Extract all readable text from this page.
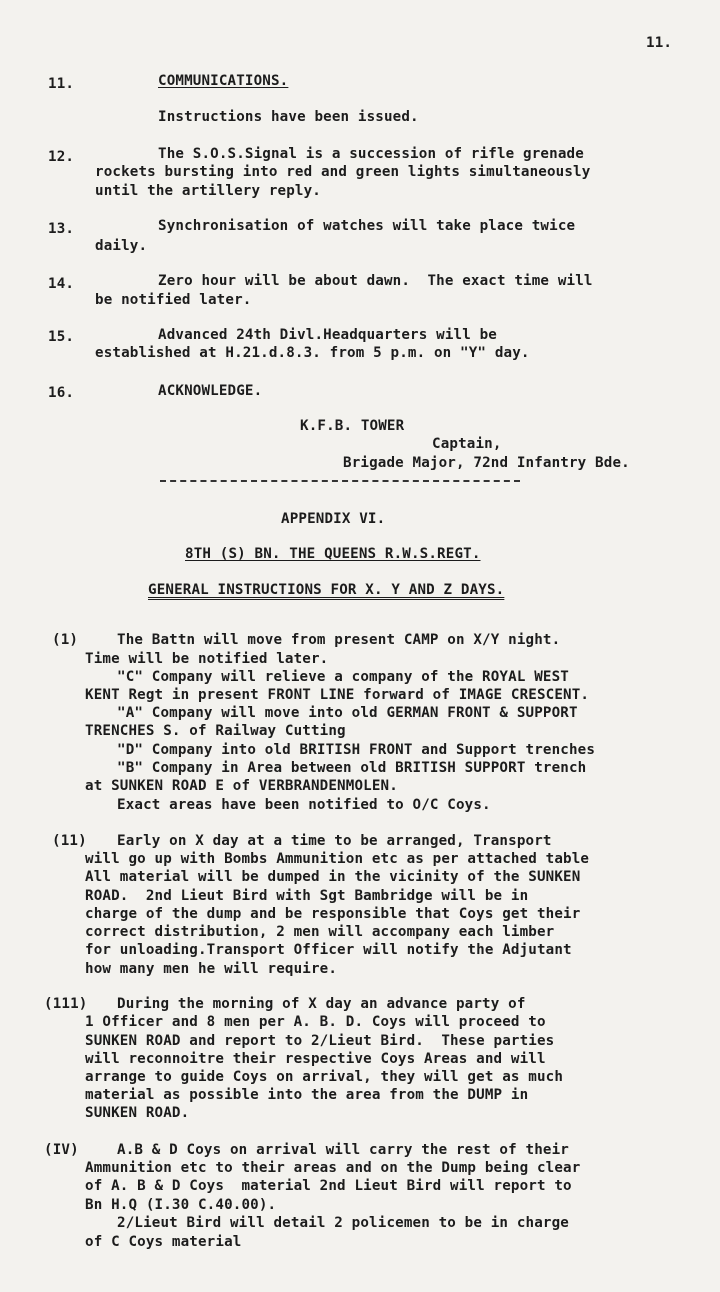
11.
11.	COMMUNICATIONS.
Instructions have been issued.
12.	The S.O.S.Signal is a succession of rifle grenade
rockets bursting into red and green lights simultaneously
until the artillery reply.
13.	Synchronisation of watches will take place twice
daily.
14.	Zero hour will be about dawn.  The exact time will
be notified later.
15.	Advanced 24th Divl.Headquarters will be
established at H.21.d.8.3. from 5 p.m. on "Y" day.
16.	ACKNOWLEDGE.
K.F.B. TOWER
Captain,
Brigade Major, 72nd Infantry Bde.
APPENDIX VI.
8TH (S) BN. THE QUEENS R.W.S.REGT.
GENERAL INSTRUCTIONS FOR X. Y AND Z DAYS.
(1)	The Battn will move from present CAMP on X/Y night.
Time will be notified later.
"C" Company will relieve a company of the ROYAL WEST
KENT Regt in present FRONT LINE forward of IMAGE CRESCENT.
"A" Company will move into old GERMAN FRONT & SUPPORT
TRENCHES S. of Railway Cutting
"D" Company into old BRITISH FRONT and Support trenches
"B" Company in Area between old BRITISH SUPPORT trench
at SUNKEN ROAD E of VERBRANDENMOLEN.
Exact areas have been notified to O/C Coys.
(11) Early on X day at a time to be arranged, Transport
will go up with Bombs Ammunition etc as per attached table
All material will be dumped in the vicinity of the SUNKEN
ROAD.  2nd Lieut Bird with Sgt Bambridge will be in
charge of the dump and be responsible that Coys get their
correct distribution, 2 men will accompany each limber
for unloading.Transport Officer will notify the Adjutant
how many men he will require.
(111) During the morning of X day an advance party of
1 Officer and 8 men per A. B. D. Coys will proceed to
SUNKEN ROAD and report to 2/Lieut Bird.  These parties
will reconnoitre their respective Coys Areas and will
arrange to guide Coys on arrival, they will get as much
material as possible into the area from the DUMP in
SUNKEN ROAD.
(IV)	A.B & D Coys on arrival will carry the rest of their
Ammunition etc to their areas and on the Dump being clear
of A. B & D Coys  material 2nd Lieut Bird will report to
Bn H.Q (I.30 C.40.00).
2/Lieut Bird will detail 2 policemen to be in charge
of C Coys material
